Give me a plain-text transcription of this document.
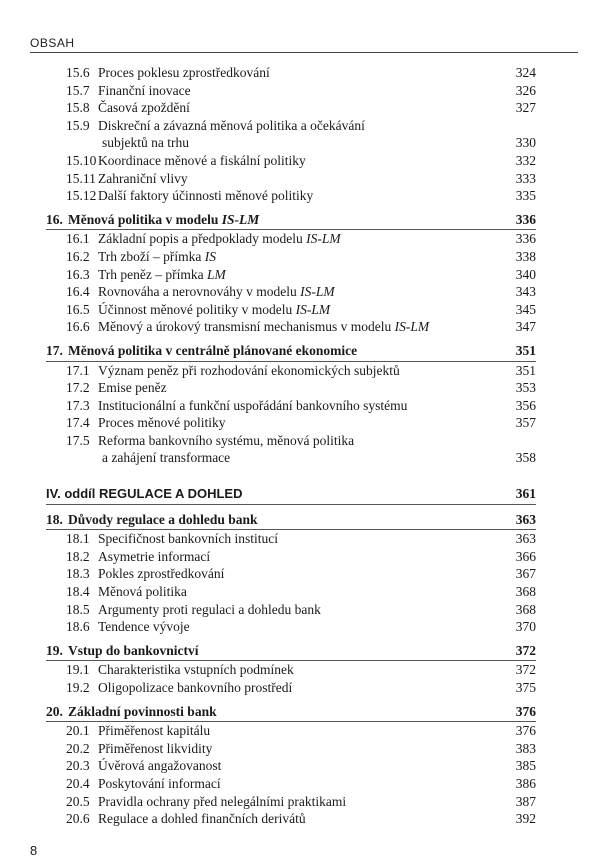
OBSAH
15.6 Proces poklesu zprostředkování	324
15.7 Finanční inovace	326
15.8 Časová zpoždění	327
15.9 Diskreční a závazná měnová politika a očekávání
subjektů na trhu	330
15.10 Koordinace měnové a fiskální politiky	332
15.11 Zahraniční vlivy	333
15.12 Další faktory účinnosti měnové politiky	335
16. Měnová politika v modelu IS-LM	336
16.1 Základní popis a předpoklady modelu IS-LM	336
16.2 Trh zboží – přímka IS	338
16.3 Trh peněz – přímka LM	340
16.4 Rovnováha a nerovnováhy v modelu IS-LM	343
16.5 Účinnost měnové politiky v modelu IS-LM	345
16.6 Měnový a úrokový transmisní mechanismus v modelu IS-LM	347
17. Měnová politika v centrálně plánované ekonomice	351
17.1 Význam peněz při rozhodování ekonomických subjektů	351
17.2 Emise peněz	353
17.3 Institucionální a funkční uspořádání bankovního systému	356
17.4 Proces měnové politiky	357
17.5 Reforma bankovního systému, měnová politika
a zahájení transformace	358
IV. oddíl REGULACE A DOHLED	361
18. Důvody regulace a dohledu bank	363
18.1 Specifičnost bankovních institucí	363
18.2 Asymetrie informací	366
18.3 Pokles zprostředkování	367
18.4 Měnová politika	368
18.5 Argumenty proti regulaci a dohledu bank	368
18.6 Tendence vývoje	370
19. Vstup do bankovnictví	372
19.1 Charakteristika vstupních podmínek	372
19.2 Oligopolizace bankovního prostředí	375
20. Základní povinnosti bank	376
20.1 Přiměřenost kapitálu	376
20.2 Přiměřenost likvidity	383
20.3 Úvěrová angažovanost	385
20.4 Poskytování informací	386
20.5 Pravidla ochrany před nelegálními praktikami	387
20.6 Regulace a dohled finančních derivátů	392
8
